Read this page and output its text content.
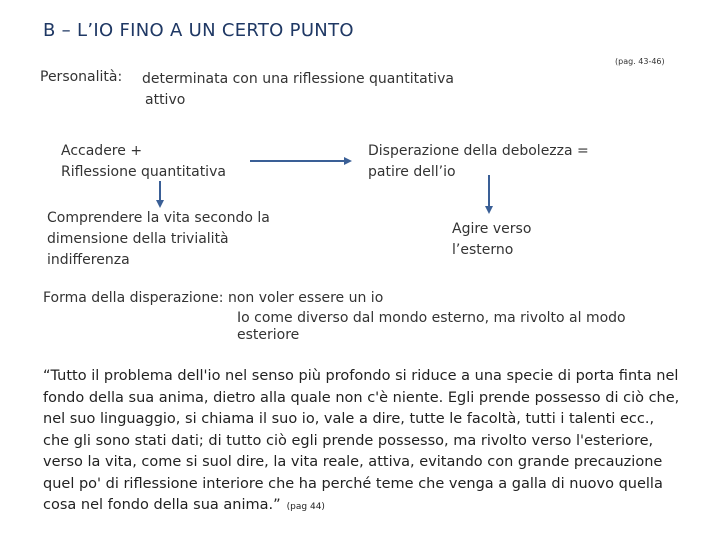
B – L’IO FINO A UN CERTO PUNTO
(pag. 43-46)
Personalità: determinata con una riflessione quantitativa
attivo
Accadere +
Riflessione quantitativa
Disperazione della debolezza =
patire dell’io
Comprendere la vita secondo la
dimensione della trivialità
indifferenza
Agire verso
l’esterno
Forma della disperazione: non voler essere un io
Io come diverso dal mondo esterno, ma rivolto al modo
esteriore
“Tutto il problema dell'io nel senso più profondo si riduce a una specie di porta finta nel fondo della sua anima, dietro alla quale non c'è niente. Egli prende possesso di ciò che, nel suo linguaggio, si chiama il suo io, vale a dire, tutte le facoltà, tutti i talenti ecc., che gli sono stati dati; di tutto ciò egli prende possesso, ma rivolto verso l'esteriore, verso la vita, come si suol dire, la vita reale, attiva, evitando con grande precauzione quel po' di riflessione interiore che ha perché teme che venga a galla di nuovo quella cosa nel fondo della sua anima.” (pag 44)
